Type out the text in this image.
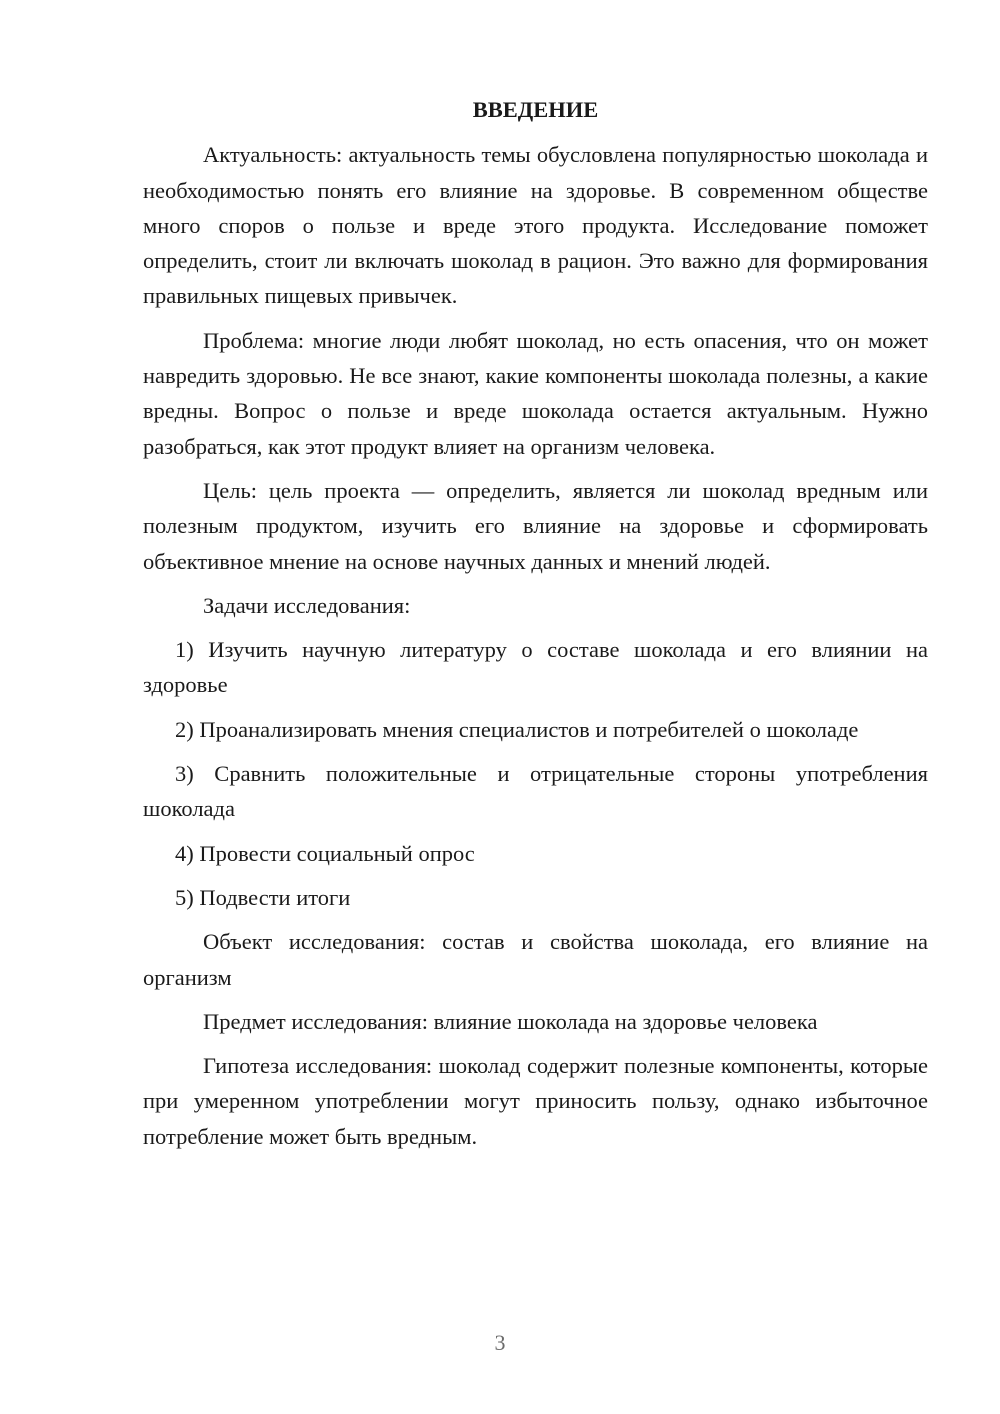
ВВЕДЕНИЕ

Актуальность: актуальность темы обусловлена популярностью шоколада и необходимостью понять его влияние на здоровье. В современном обществе много споров о пользе и вреде этого продукта. Исследование поможет определить, стоит ли включать шоколад в рацион. Это важно для формирования правильных пищевых привычек.

Проблема: многие люди любят шоколад, но есть опасения, что он может навредить здоровью. Не все знают, какие компоненты шоколада полезны, а какие вредны. Вопрос о пользе и вреде шоколада остается актуальным. Нужно разобраться, как этот продукт влияет на организм человека.

Цель: цель проекта — определить, является ли шоколад вредным или полезным продуктом, изучить его влияние на здоровье и сформировать объективное мнение на основе научных данных и мнений людей.

Задачи исследования:

1) Изучить научную литературу о составе шоколада и его влиянии на здоровье

2) Проанализировать мнения специалистов и потребителей о шоколаде

3) Сравнить положительные и отрицательные стороны употребления шоколада

4) Провести социальный опрос

5) Подвести итоги

Объект исследования: состав и свойства шоколада, его влияние на организм

Предмет исследования: влияние шоколада на здоровье человека

Гипотеза исследования: шоколад содержит полезные компоненты, которые при умеренном употреблении могут приносить пользу, однако избыточное потребление может быть вредным.

3
